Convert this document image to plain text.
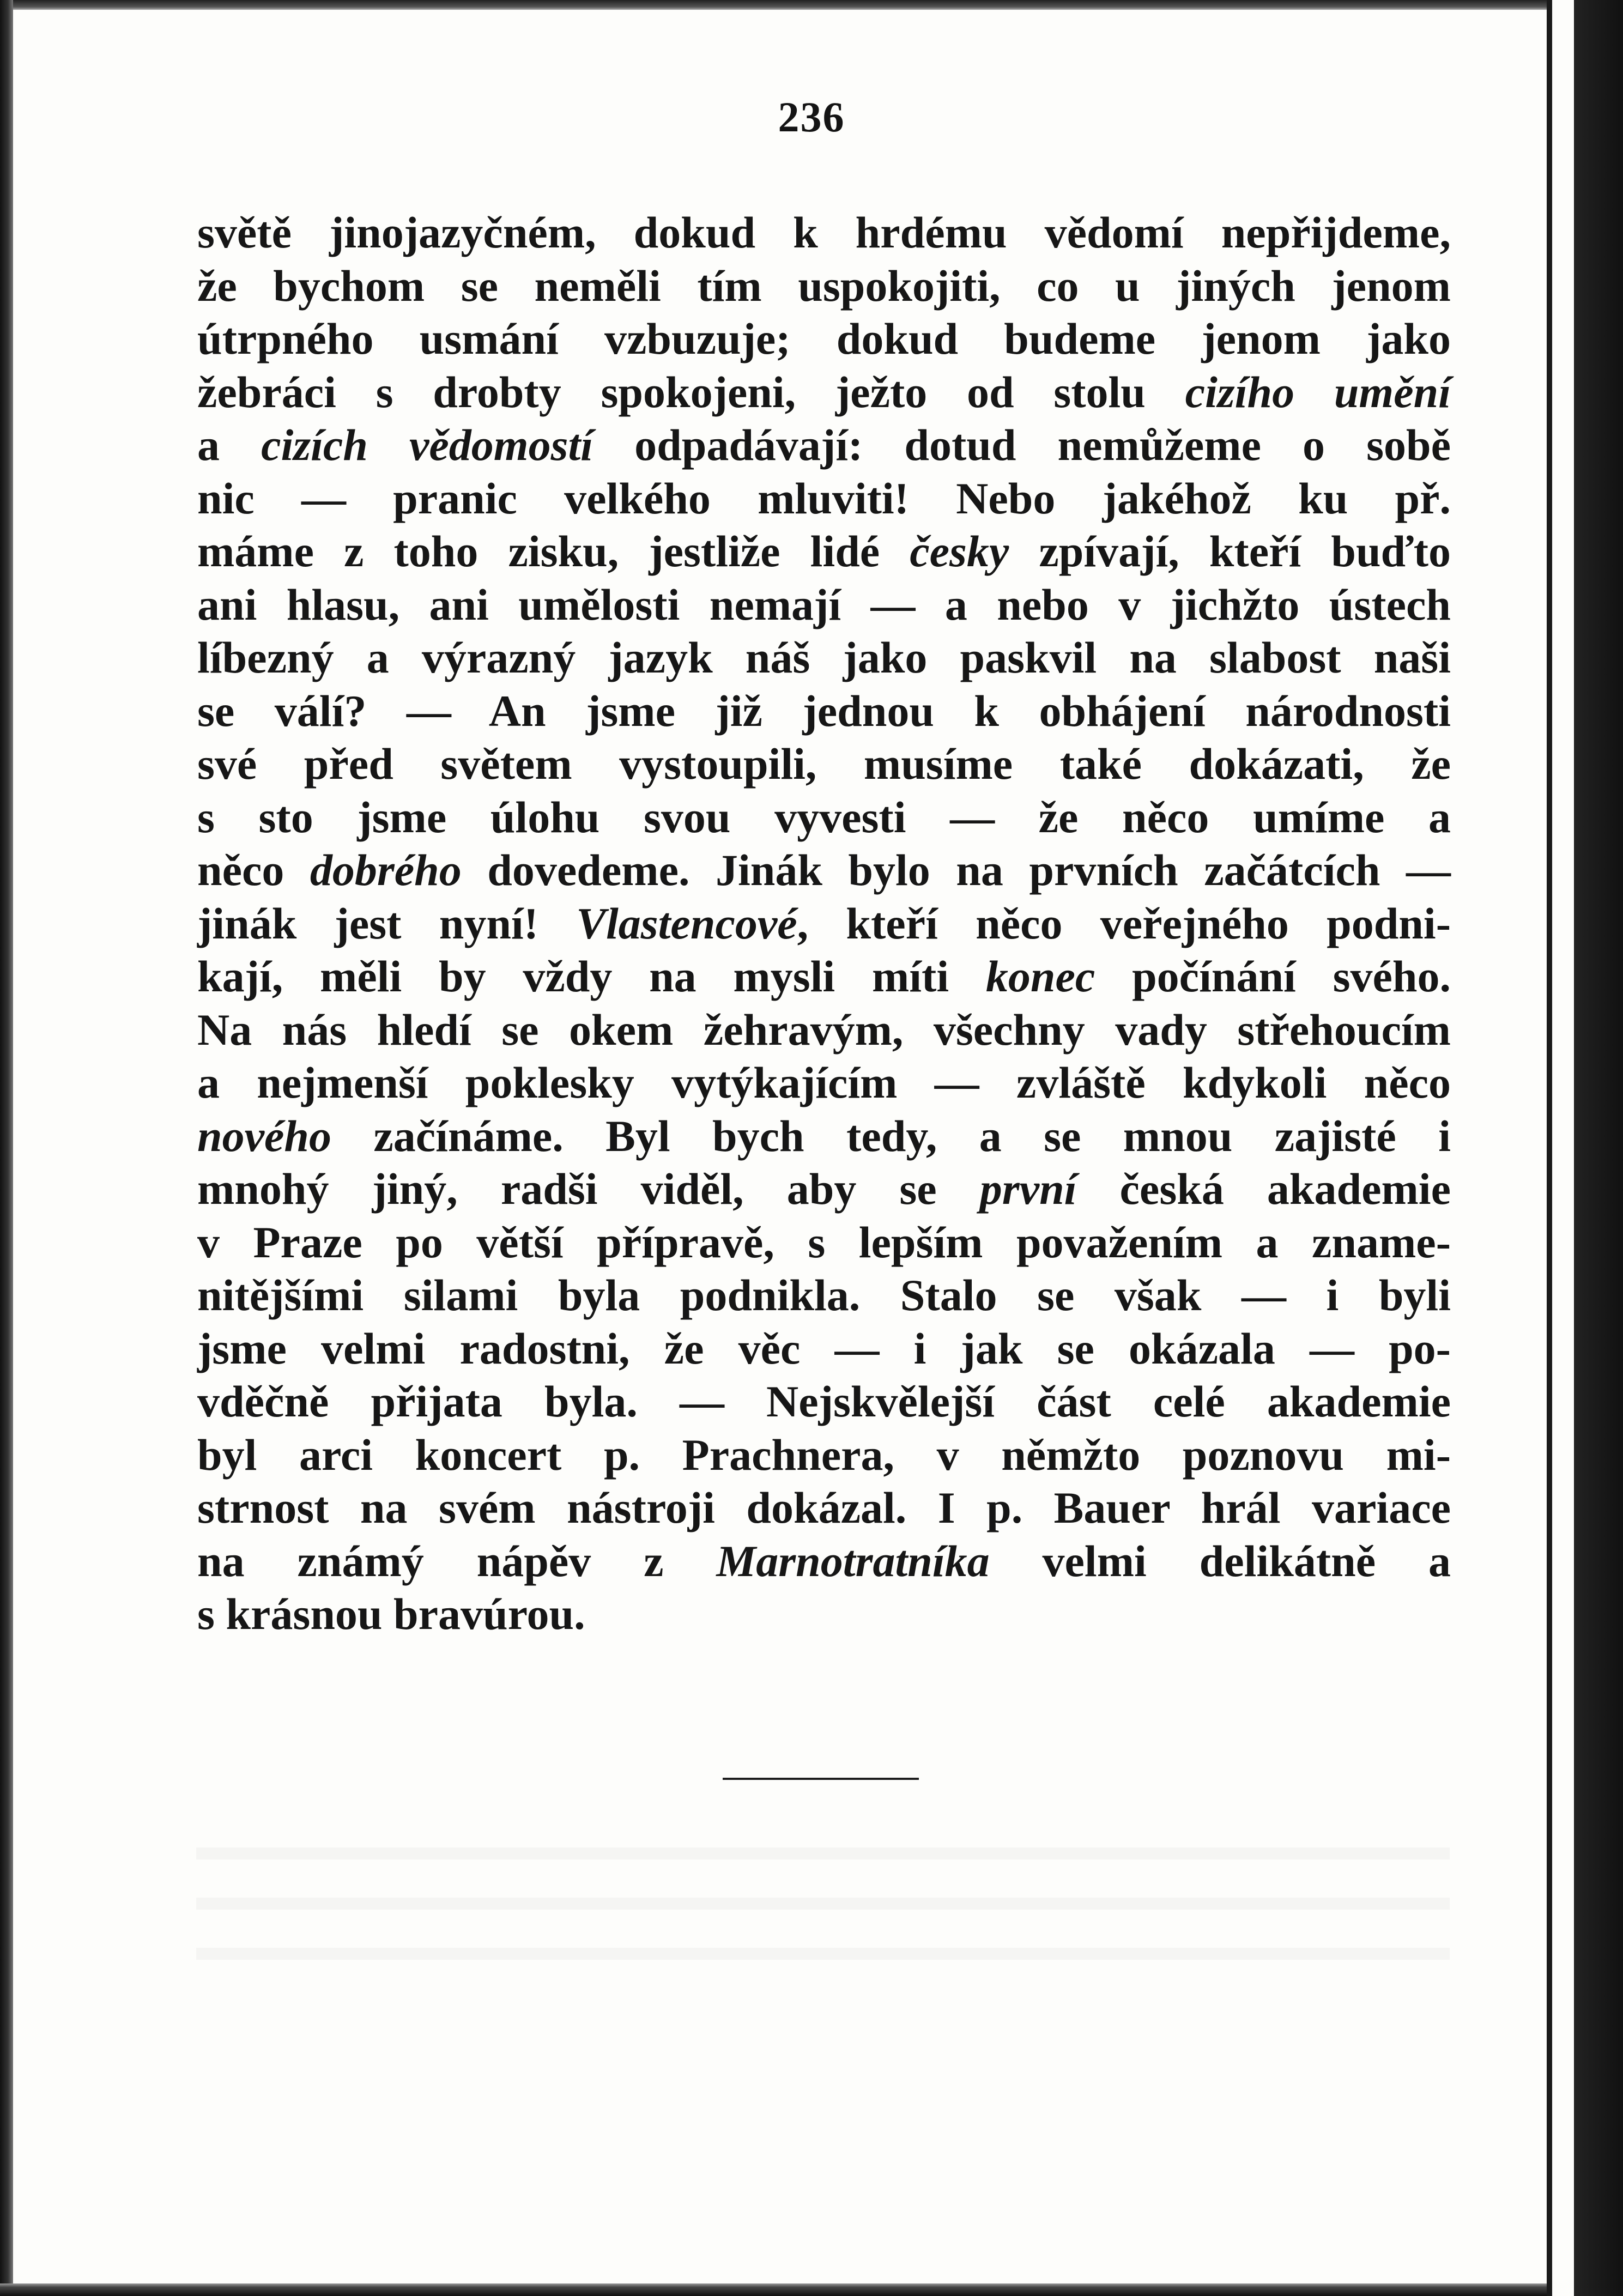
236
světě jinojazyčném, dokud k hrdému vědomí nepřijdeme,
že bychom se neměli tím uspokojiti, co u jiných jenom
útrpného usmání vzbuzuje; dokud budeme jenom jako
žebráci s drobty spokojeni, ježto od stolu cizího umění
a cizích vědomostí odpadávají: dotud nemůžeme o sobě
nic — pranic velkého mluviti! Nebo jakéhož ku př.
máme z toho zisku, jestliže lidé česky zpívají, kteří buďto
ani hlasu, ani umělosti nemají — a nebo v jichžto ústech
líbezný a výrazný jazyk náš jako paskvil na slabost naši
se válí? — An jsme již jednou k obhájení národnosti
své před světem vystoupili, musíme také dokázati, že
s sto jsme úlohu svou vyvesti — že něco umíme a
něco dobrého dovedeme. Jinák bylo na prvních začátcích —
jinák jest nyní! Vlastencové, kteří něco veřejného podni-
kají, měli by vždy na mysli míti konec počínání svého.
Na nás hledí se okem žehravým, všechny vady střehoucím
a nejmenší poklesky vytýkajícím — zvláště kdykoli něco
nového začínáme. Byl bych tedy, a se mnou zajisté i
mnohý jiný, radši viděl, aby se první česká akademie
v Praze po větší přípravě, s lepším považením a zname-
nitějšími silami byla podnikla. Stalo se však — i byli
jsme velmi radostni, že věc — i jak se okázala — po-
vděčně přijata byla. — Nejskvělejší část celé akademie
byl arci koncert p. Prachnera, v němžto poznovu mi-
strnost na svém nástroji dokázal. I p. Bauer hrál variace
na známý nápěv z Marnotratníka velmi delikátně a
s krásnou bravúrou.
